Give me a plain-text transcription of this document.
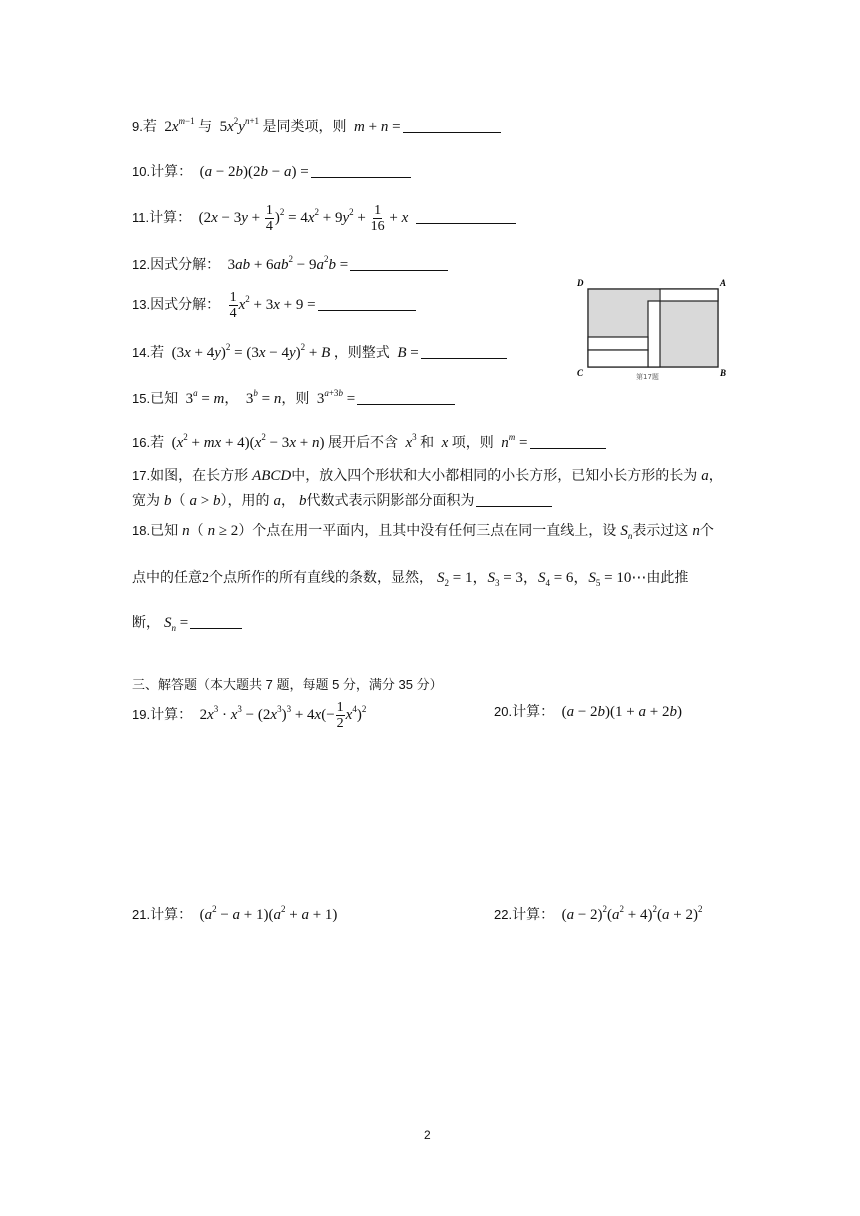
9.若 $2x^{m-1}$ 与 $5x^2y^{n+1}$ 是同类项，则 m + n =
10.计算： (a − 2b)(2b − a) =
11.计算： $(2x - 3y + \frac{1}{4} )^2 = 4x^2 + 9y^2 + \frac{1}{16} + x$
12.因式分解： $3ab + 6ab^2 - 9a^2b$ =
13.因式分解： $\frac{1}{4} x^2 + 3x + 9$ =
14.若 $(3x + 4y)^2 = (3x - 4y)^2 + B$ ，则整式 B =
15.已知 $3^a = m$， $3^b = n$，则 $3^{a+3b}$ =
16.若 ($x^2$ + mx + $4)(x^2 - 3x + n)$ 展开后不含 $x^3$ 和 x 项，则 $n^m$ =
17.如图，在长方形 ABCD中，放入四个形状和大小都相同的小长方形，已知小长方形的长为 a，
宽为 b（ a > b），用的 a， b代数式表示阴影部分面积为
18.已知 n（ n ≥ 2）个点在用一平面内，且其中没有任何三点在同一直线上，设 $S_n$表示过这 n个
点中的任意2个点所作的所有直线的条数，显然， $S_2 = 1$，$S_3 = 3$，$S_4 = 6$，$S_5$ = 10⋯由此推
断， $S_n$ =
三、解答题（本大题共 7 题，每题 5 分，满分 35 分）
19.计算： $2x^3 \cdot x^3 - (2x^3)^3 + 4x(- \frac{1}{2} x^4)^2$	20.计算： (a − 2b)(1 + a + 2b)
21.计算： $(a^2 - a + 1)(a^2 + a + 1)$	22.计算： $(a - 2)^2(a^2 + 4)^2(a + 2)^2$
D	A
C	B
第17题
2
